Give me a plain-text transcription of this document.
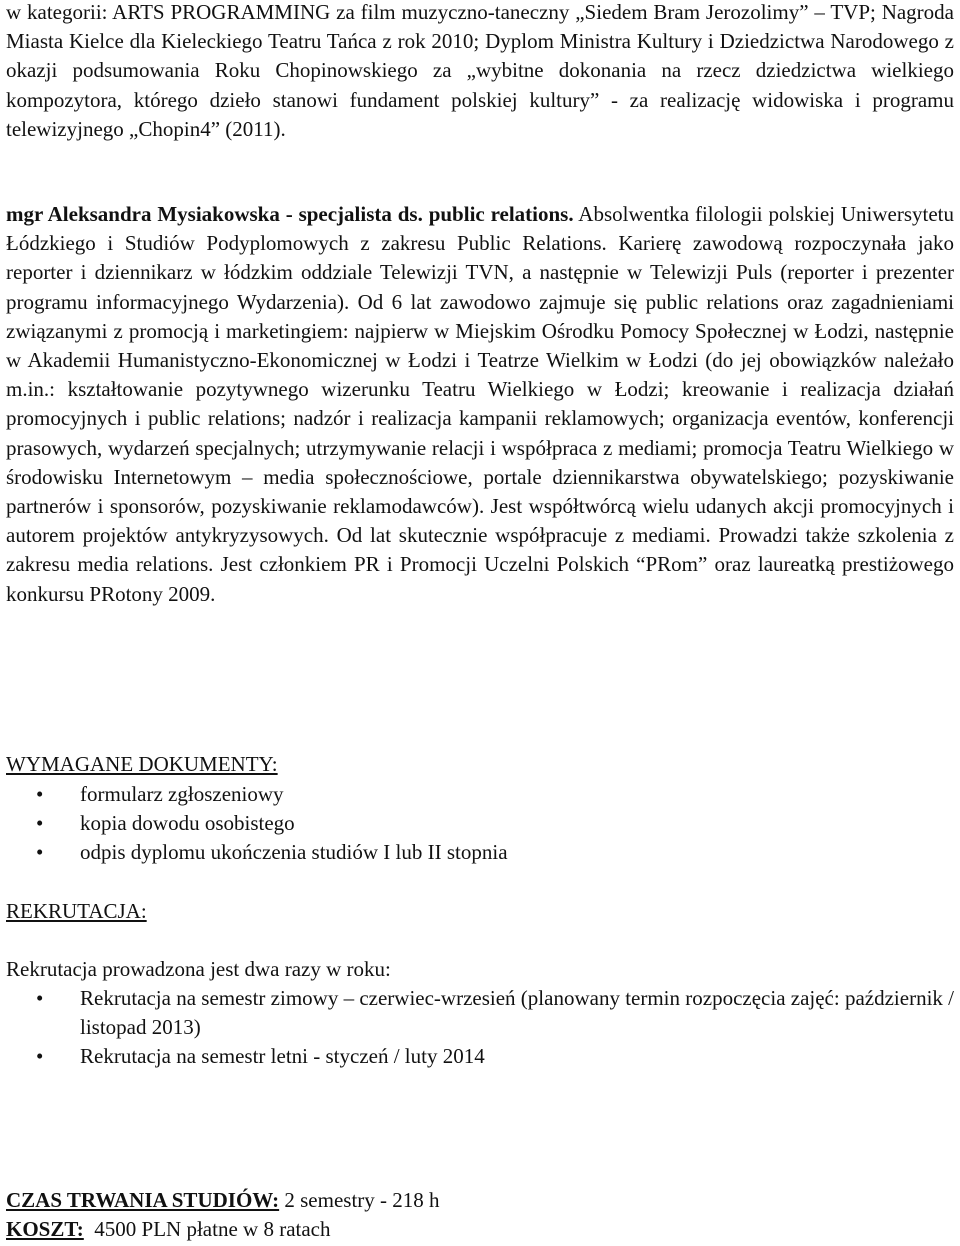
w kategorii: ARTS PROGRAMMING za film muzyczno-taneczny „Siedem Bram Jerozolimy” – TVP; Nagroda Miasta Kielce dla Kieleckiego Teatru Tańca z rok 2010; Dyplom Ministra Kultury i Dziedzictwa Narodowego z okazji podsumowania Roku Chopinowskiego za „wybitne dokonania na rzecz dziedzictwa wielkiego kompozytora, którego dzieło stanowi fundament polskiej kultury” - za realizację widowiska i programu telewizyjnego „Chopin4” (2011).

mgr Aleksandra Mysiakowska - specjalista ds. public relations. Absolwentka filologii polskiej Uniwersytetu Łódzkiego i Studiów Podyplomowych z zakresu Public Relations. Karierę zawodową rozpoczynała jako reporter i dziennikarz w łódzkim oddziale Telewizji TVN, a następnie w Telewizji Puls (reporter i prezenter programu informacyjnego Wydarzenia). Od 6 lat zawodowo zajmuje się public relations oraz zagadnieniami związanymi z promocją i marketingiem: najpierw w Miejskim Ośrodku Pomocy Społecznej w Łodzi, następnie w Akademii Humanistyczno-Ekonomicznej w Łodzi i Teatrze Wielkim w Łodzi (do jej obowiązków należało m.in.: kształtowanie pozytywnego wizerunku Teatru Wielkiego w Łodzi; kreowanie i realizacja działań promocyjnych i public relations; nadzór i realizacja kampanii reklamowych; organizacja eventów, konferencji prasowych, wydarzeń specjalnych; utrzymywanie relacji i współpraca z mediami; promocja Teatru Wielkiego w środowisku Internetowym – media społecznościowe, portale dziennikarstwa obywatelskiego; pozyskiwanie partnerów i sponsorów, pozyskiwanie reklamodawców). Jest współtwórcą wielu udanych akcji promocyjnych i autorem projektów antykryzysowych. Od lat skutecznie współpracuje z mediami. Prowadzi także szkolenia z zakresu media relations. Jest członkiem PR i Promocji Uczelni Polskich “PRom” oraz laureatką prestiżowego konkursu PRotony 2009.

WYMAGANE DOKUMENTY:
• formularz zgłoszeniowy
• kopia dowodu osobistego
• odpis dyplomu ukończenia studiów I lub II stopnia
REKRUTACJA:
Rekrutacja prowadzona jest dwa razy w roku:
• Rekrutacja na semestr zimowy – czerwiec-wrzesień (planowany termin rozpoczęcia zajęć: październik / listopad 2013)
• Rekrutacja na semestr letni - styczeń / luty 2014
CZAS TRWANIA STUDIÓW: 2 semestry - 218 h
KOSZT:  4500 PLN płatne w 8 ratach
